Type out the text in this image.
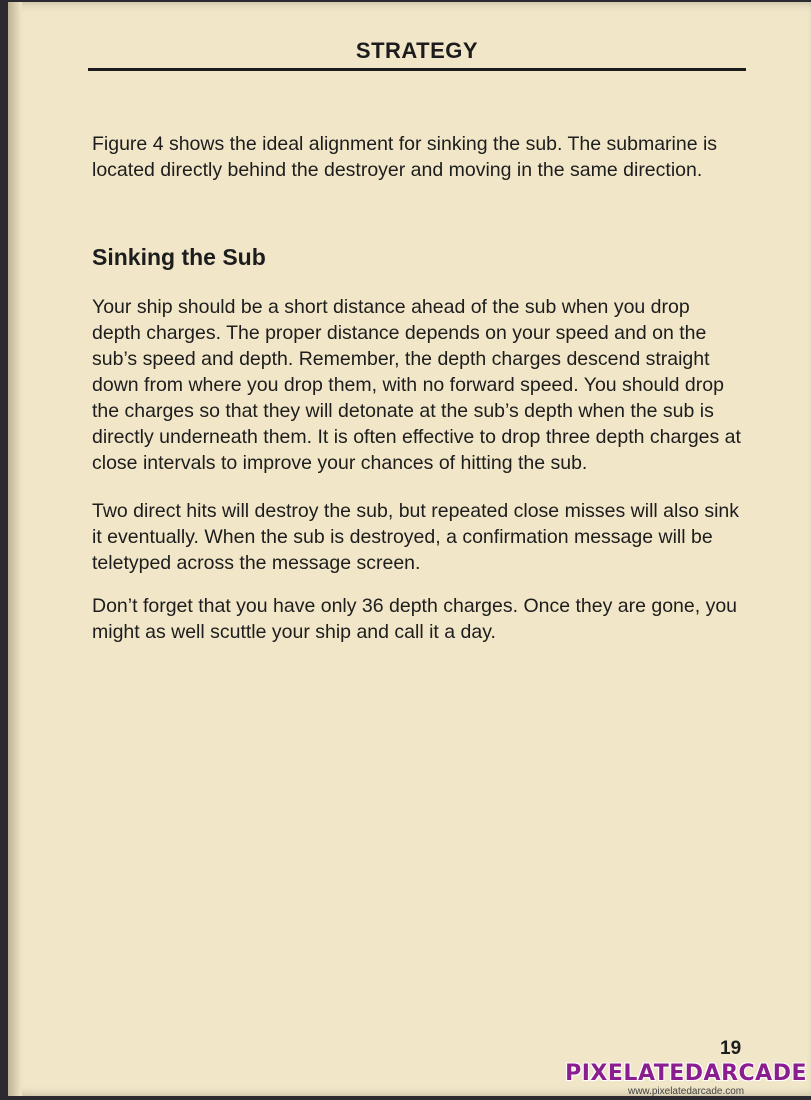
STRATEGY

Figure 4 shows the ideal alignment for sinking the sub. The submarine is located directly behind the destroyer and moving in the same direction.

Sinking the Sub

Your ship should be a short distance ahead of the sub when you drop depth charges. The proper distance depends on your speed and on the sub’s speed and depth. Remember, the depth charges descend straight down from where you drop them, with no forward speed. You should drop the charges so that they will detonate at the sub’s depth when the sub is directly underneath them. It is often effective to drop three depth charges at close intervals to improve your chances of hitting the sub.

Two direct hits will destroy the sub, but repeated close misses will also sink it eventually. When the sub is destroyed, a confirmation message will be teletyped across the message screen.

Don’t forget that you have only 36 depth charges. Once they are gone, you might as well scuttle your ship and call it a day.

19
PIXELATEDARCADE
www.pixelatedarcade.com
